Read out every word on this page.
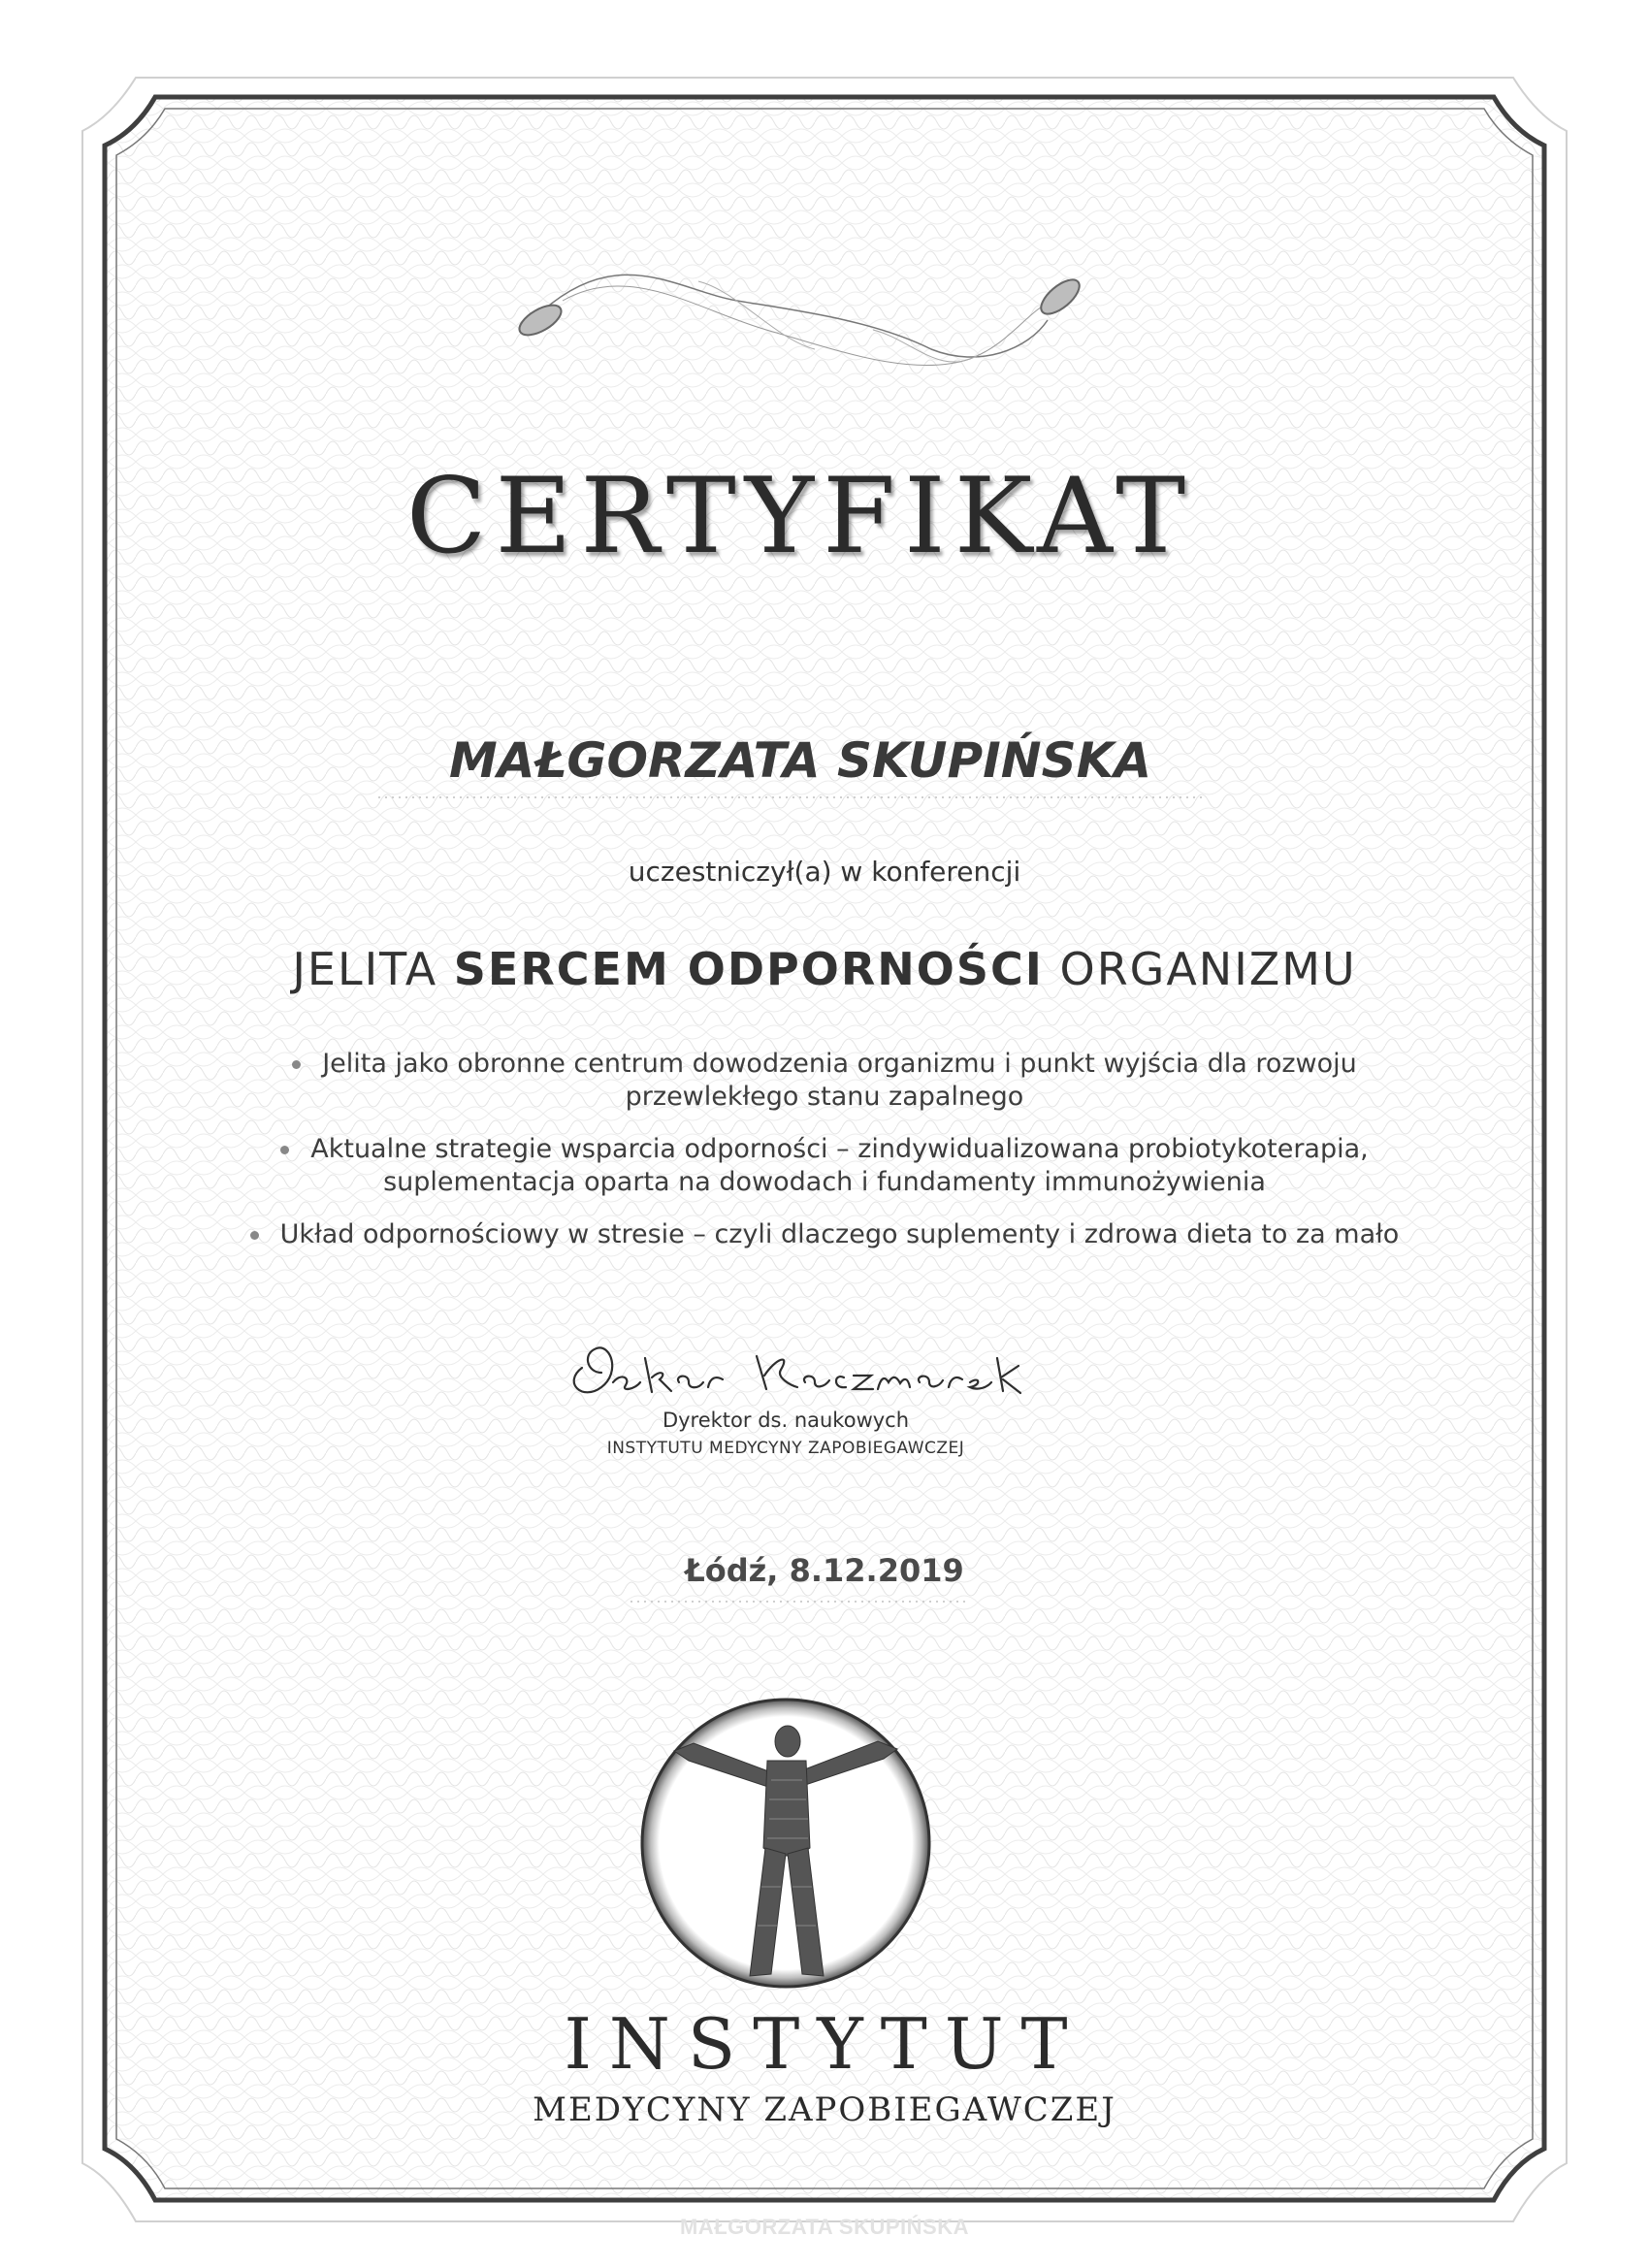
CERTYFIKAT
MAŁGORZATA SKUPIŃSKA
uczestniczył(a) w konferencji
JELITA SERCEM ODPORNOŚCI ORGANIZMU
Jelita jako obronne centrum dowodzenia organizmu i punkt wyjścia dla rozwoju
przewlekłego stanu zapalnego
Aktualne strategie wsparcia odporności – zindywidualizowana probiotykoterapia,
suplementacja oparta na dowodach i fundamenty immunożywienia
Układ odpornościowy w stresie – czyli dlaczego suplementy i zdrowa dieta to za mało
Dyrektor ds. naukowych
INSTYTUTU MEDYCYNY ZAPOBIEGAWCZEJ
Łódź, 8.12.2019
INSTYTUT
MEDYCYNY ZAPOBIEGAWCZEJ
MAŁGORZATA SKUPIŃSKA
